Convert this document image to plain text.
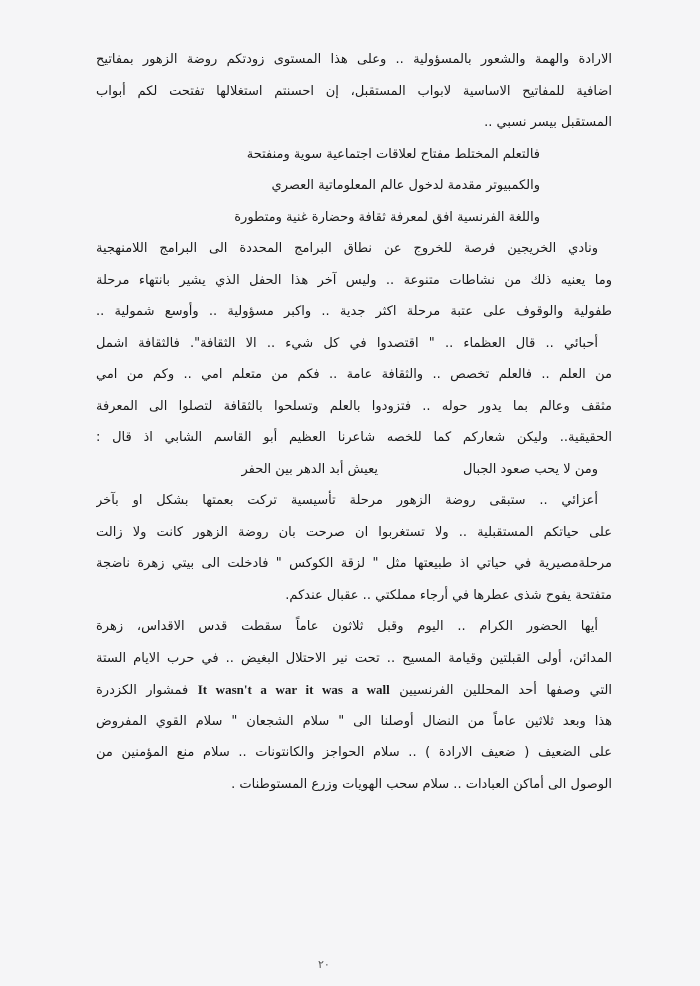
الارادة والهمة والشعور بالمسؤولية .. وعلى هذا المستوى زودتكم روضة الزهور بمفاتيح
اضافية للمفاتيح الاساسية لابواب المستقبل، إن احسنتم استغلالها تفتحت لكم أبواب
المستقبل بيسر نسبي ..
فالتعلم المختلط مفتاح لعلاقات اجتماعية سوية ومنفتحة
والكمبيوتر مقدمة لدخول عالم المعلوماتية العصري
واللغة الفرنسية افق لمعرفة ثقافة وحضارة غنية ومتطورة
ونادي الخريجين فرصة للخروج عن نطاق البرامج المحددة الى البرامج اللامنهجية
وما يعنيه ذلك من نشاطات متنوعة .. وليس آخر هذا الحفل الذي يشير بانتهاء مرحلة
طفولية والوقوف على عتبة مرحلة اكثر جدية .. واكبر مسؤولية .. وأوسع شمولية ..
أحبائي .. قال العظماء .. " اقتصدوا في كل شيء .. الا الثقافة". فالثقافة اشمل
من العلم .. فالعلم تخصص .. والثقافة عامة .. فكم من متعلم امي .. وكم من امي
مثقف وعالم بما يدور حوله .. فتزودوا بالعلم وتسلحوا بالثقافة لتصلوا الى المعرفة
الحقيقية.. وليكن شعاركم كما للخصه شاعرنا العظيم أبو القاسم الشابي اذ قال :
ومن لا يحب صعود الجبال
يعيش أبد الدهر بين الحفر
أعزائي .. ستبقى روضة الزهور مرحلة تأسيسية تركت بعمتها بشكل او بآخر
على حياتكم المستقبلية .. ولا تستغربوا ان صرحت بان روضة الزهور كانت ولا زالت
مرحلةمصيرية في حياتي اذ طبيعتها مثل " لزقة الكوكس " فادخلت الى بيتي زهرة ناضجة
متفتحة يفوح شذى عطرها في أرجاء مملكتي .. عقبال عندكم.
أيها الحضور الكرام .. اليوم وقبل ثلاثون عاماً سقطت قدس الاقداس، زهرة
المدائن، أولى القبلتين وقيامة المسيح .. تحت نير الاحتلال البغيض .. في حرب الايام الستة
التي وصفها أحد المحللين الفرنسيين It wasn't a war it was a wall فمشوار الكزدرة
هذا وبعد ثلاثين عاماً من النضال أوصلنا الى " سلام الشجعان " سلام القوي المفروض
على الضعيف ( ضعيف الارادة ) .. سلام الحواجز والكانتونات .. سلام منع المؤمنين من
الوصول الى أماكن العبادات .. سلام سحب الهويات وزرع المستوطنات .
٢٠
